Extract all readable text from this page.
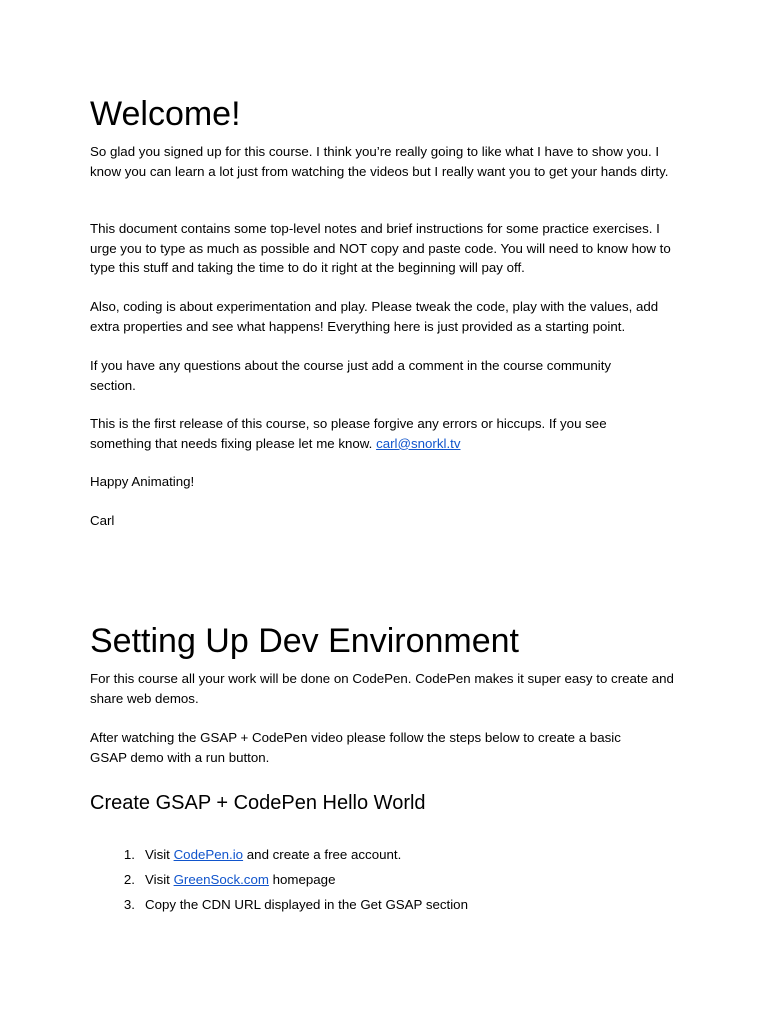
Welcome!

So glad you signed up for this course. I think you’re really going to like what I have to show you. I know you can learn a lot just from watching the videos but I really want you to get your hands dirty.

This document contains some top-level notes and brief instructions for some practice exercises. I urge you to type as much as possible and NOT copy and paste code. You will need to know how to type this stuff and taking the time to do it right at the beginning will pay off.

Also, coding is about experimentation and play. Please tweak the code, play with the values, add extra properties and see what happens! Everything here is just provided as a starting point.

If you have any questions about the course just add a comment in the course community section.

This is the first release of this course, so please forgive any errors or hiccups. If you see something that needs fixing please let me know. carl@snorkl.tv

Happy Animating!

Carl

Setting Up Dev Environment

For this course all your work will be done on CodePen. CodePen makes it super easy to create and share web demos.

After watching the GSAP + CodePen video please follow the steps below to create a basic GSAP demo with a run button.

Create GSAP + CodePen Hello World
1. Visit CodePen.io and create a free account.
2. Visit GreenSock.com homepage
3. Copy the CDN URL displayed in the Get GSAP section
